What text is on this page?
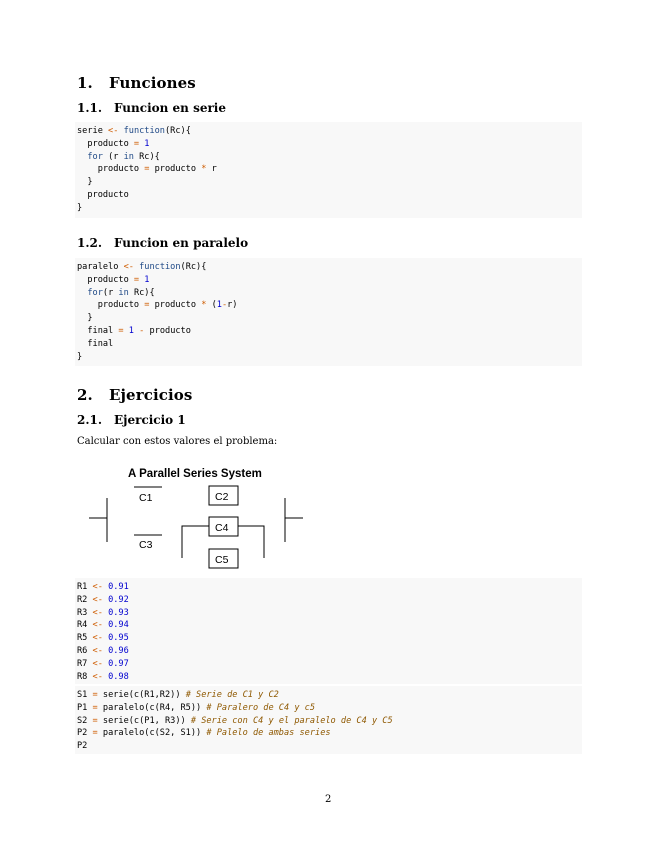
1. Funciones
1.1. Funcion en serie
serie <- function(Rc){
producto = 1
for (r in Rc){
producto = producto * r
}
producto
}
1.2. Funcion en paralelo
paralelo <- function(Rc){
producto = 1
for(r in Rc){
producto = producto * (1-r)
}
final = 1 - producto
final
}
2. Ejercicios
2.1. Ejercicio 1
Calcular con estos valores el problema:
A Parallel Series System
C1	C2
C3
C4
C5
R1 <- 0.91
R2 <- 0.92
R3 <- 0.93
R4 <- 0.94
R5 <- 0.95
R6 <- 0.96
R7 <- 0.97
R8 <- 0.98
S1 = serie(c(R1,R2)) # Serie de C1 y C2
P1 = paralelo(c(R4, R5)) # Paralero de C4 y c5
S2 = serie(c(P1, R3)) # Serie con C4 y el paralelo de C4 y C5
P2 = paralelo(c(S2, S1)) # Palelo de ambas series
P2
2
